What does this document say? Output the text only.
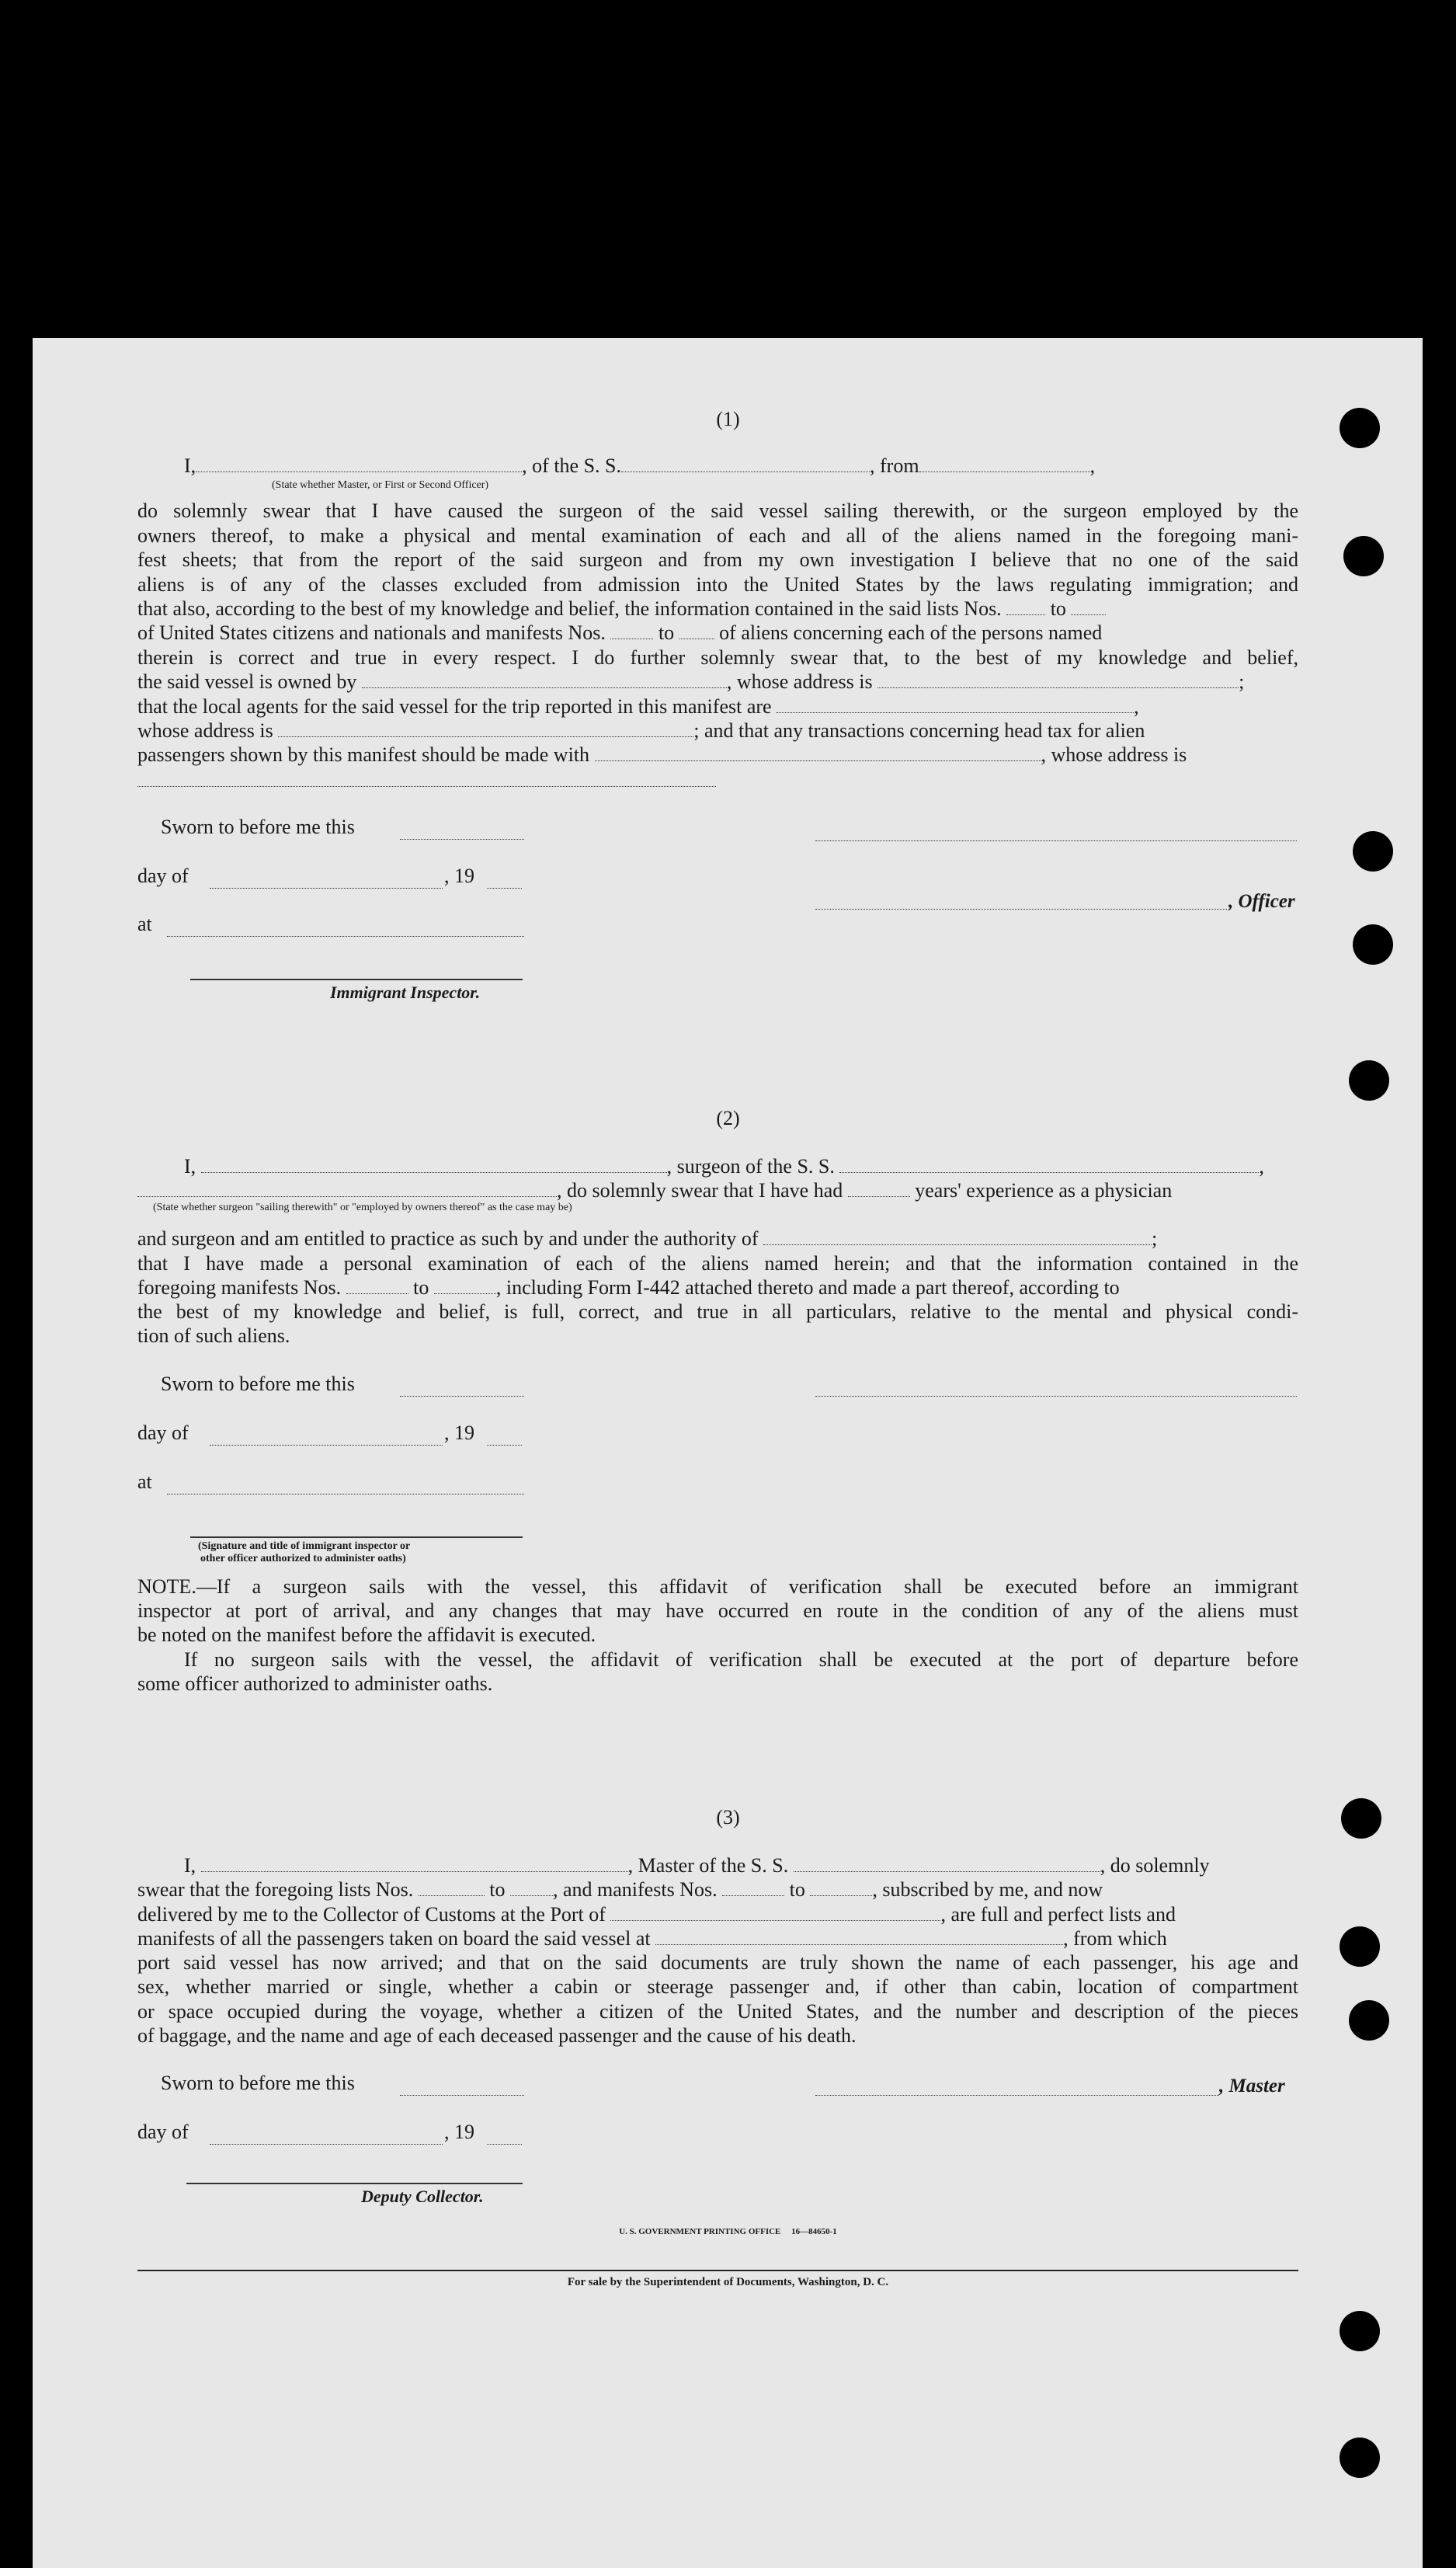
(1)
I,	, of the S. S.	, from	,
(State whether Master, or First or Second Officer)
do solemnly swear that I have caused the surgeon of the said vessel sailing therewith, or the surgeon employed by the
owners thereof, to make a physical and mental examination of each and all of the aliens named in the foregoing mani-
fest sheets; that from the report of the said surgeon and from my own investigation I believe that no one of the said
aliens is of any of the classes excluded from admission into the United States by the laws regulating immigration; and
that also, according to the best of my knowledge and belief, the information contained in the said lists Nos. to
of United States citizens and nationals and manifests Nos.	to of aliens concerning each of the persons named
therein is correct and true in every respect. I do further solemnly swear that, to the best of my knowledge and belief,
the said vessel is owned by	, whose address is	;
that the local agents for the said vessel for the trip reported in this manifest are	,
whose address is	; and that any transactions concerning head tax for alien
passengers shown by this manifest should be made with	, whose address is
Sworn to before me this
day of	, 19
at
Immigrant Inspector.
, Officer
(2)
I,	, surgeon of the S. S.	,
, do solemnly swear that I have had	years' experience as a physician
(State whether surgeon "sailing therewith" or "employed by owners thereof" as the case may be)
and surgeon and am entitled to practice as such by and under the authority of	;
that I have made a personal examination of each of the aliens named herein; and that the information contained in the
foregoing manifests Nos.	to	, including Form I-442 attached thereto and made a part thereof, according to
the best of my knowledge and belief, is full, correct, and true in all particulars, relative to the mental and physical condi-
tion of such aliens.
Sworn to before me this
day of	, 19
at
(Signature and title of immigrant inspector or
other officer authorized to administer oaths)
NOTE.—If a surgeon sails with the vessel, this affidavit of verification shall be executed before an immigrant
inspector at port of arrival, and any changes that may have occurred en route in the condition of any of the aliens must
be noted on the manifest before the affidavit is executed.
If no surgeon sails with the vessel, the affidavit of verification shall be executed at the port of departure before
some officer authorized to administer oaths.
(3)
I,	, Master of the S. S.	, do solemnly
swear that the foregoing lists Nos.	to , and manifests Nos.	to	, subscribed by me, and now
delivered by me to the Collector of Customs at the Port of	, are full and perfect lists and
manifests of all the passengers taken on board the said vessel at	, from which
port said vessel has now arrived; and that on the said documents are truly shown the name of each passenger, his age and
sex, whether married or single, whether a cabin or steerage passenger and, if other than cabin, location of compartment
or space occupied during the voyage, whether a citizen of the United States, and the number and description of the pieces
of baggage, and the name and age of each deceased passenger and the cause of his death.
Sworn to before me this	, Master
day of	, 19
Deputy Collector.
U. S. GOVERNMENT PRINTING OFFICE     16—84650-1
For sale by the Superintendent of Documents, Washington, D. C.
